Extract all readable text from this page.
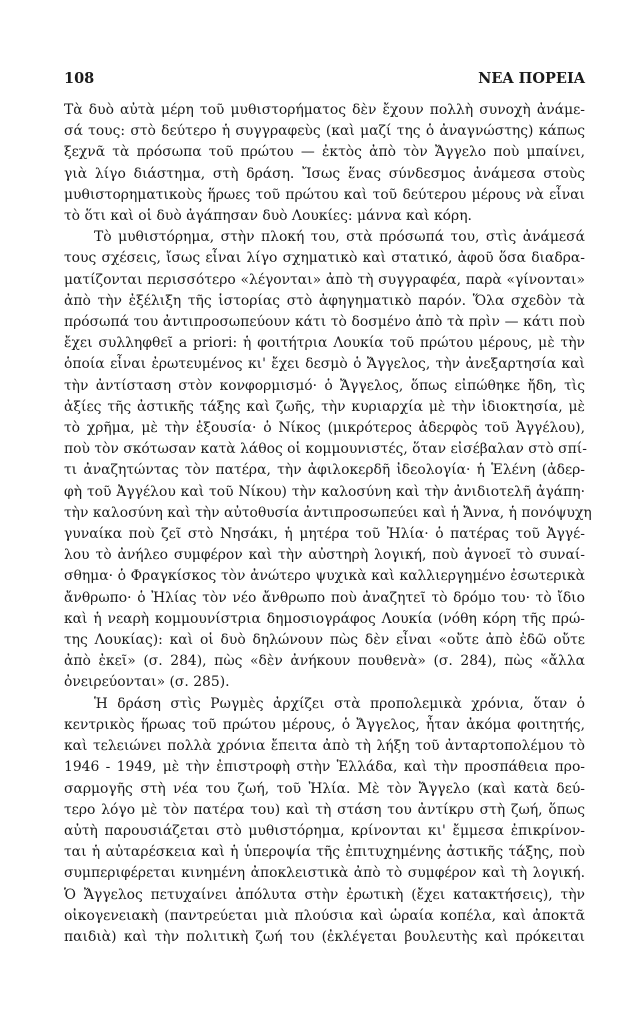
108	ΝΕΑ ΠΟΡΕΙΑ
Τὰ δυὸ αὐτὰ μέρη τοῦ μυθιστορήματος δὲν ἔχουν πολλὴ συνοχὴ ἀνάμε-
σά τους: στὸ δεύτερο ἡ συγγραφεὺς (καὶ μαζί της ὁ ἀναγνώστης) κάπως
ξεχνᾶ τὰ πρόσωπα τοῦ πρώτου — ἐκτὸς ἀπὸ τὸν Ἄγγελο ποὺ μπαίνει,
γιὰ λίγο διάστημα, στὴ δράση. Ἴσως ἕνας σύνδεσμος ἀνάμεσα στοὺς
μυθιστορηματικοὺς ἥρωες τοῦ πρώτου καὶ τοῦ δεύτερου μέρους νὰ εἶναι
τὸ ὅτι καὶ οἱ δυὸ ἀγάπησαν δυὸ Λουκίες: μάννα καὶ κόρη.
Τὸ μυθιστόρημα, στὴν πλοκή του, στὰ πρόσωπά του, στὶς ἀνάμεσά
τους σχέσεις, ἴσως εἶναι λίγο σχηματικὸ καὶ στατικό, ἀφοῦ ὅσα διαδρα-
ματίζονται περισσότερο «λέγονται» ἀπὸ τὴ συγγραφέα, παρὰ «γίνονται»
ἀπὸ τὴν ἐξέλιξη τῆς ἱστορίας στὸ ἀφηγηματικὸ παρόν. Ὅλα σχεδὸν τὰ
πρόσωπά του ἀντιπροσωπεύουν κάτι τὸ δοσμένο ἀπὸ τὰ πρὶν — κάτι ποὺ
ἔχει συλληφθεῖ a priori: ἡ φοιτήτρια Λουκία τοῦ πρώτου μέρους, μὲ τὴν
ὁποία εἶναι ἐρωτευμένος κι' ἔχει δεσμὸ ὁ Ἄγγελος, τὴν ἀνεξαρτησία καὶ
τὴν ἀντίσταση στὸν κονφορμισμό· ὁ Ἄγγελος, ὅπως εἰπώθηκε ἤδη, τὶς
ἀξίες τῆς ἀστικῆς τάξης καὶ ζωῆς, τὴν κυριαρχία μὲ τὴν ἰδιοκτησία, μὲ
τὸ χρῆμα, μὲ τὴν ἐξουσία· ὁ Νίκος (μικρότερος ἀδερφὸς τοῦ Ἀγγέλου),
ποὺ τὸν σκότωσαν κατὰ λάθος οἱ κομμουνιστές, ὅταν εἰσέβαλαν στὸ σπί-
τι ἀναζητώντας τὸν πατέρα, τὴν ἀφιλοκερδῆ ἰδεολογία· ἡ Ἑλένη (ἀδερ-
φὴ τοῦ Ἀγγέλου καὶ τοῦ Νίκου) τὴν καλοσύνη καὶ τὴν ἀνιδιοτελῆ ἀγάπη·
τὴν καλοσύνη καὶ τὴν αὐτοθυσία ἀντιπροσωπεύει καὶ ἡ Ἄννα, ἡ πονόψυχη
γυναίκα ποὺ ζεῖ στὸ Νησάκι, ἡ μητέρα τοῦ Ἠλία· ὁ πατέρας τοῦ Ἀγγέ-
λου τὸ ἀνήλεο συμφέρον καὶ τὴν αὐστηρὴ λογική, ποὺ ἀγνοεῖ τὸ συναί-
σθημα· ὁ Φραγκίσκος τὸν ἀνώτερο ψυχικὰ καὶ καλλιεργημένο ἐσωτερικὰ
ἄνθρωπο· ὁ Ἠλίας τὸν νέο ἄνθρωπο ποὺ ἀναζητεῖ τὸ δρόμο του· τὸ ἴδιο
καὶ ἡ νεαρὴ κομμουνίστρια δημοσιογράφος Λουκία (νόθη κόρη τῆς πρώ-
της Λουκίας): καὶ οἱ δυὸ δηλώνουν πὼς δὲν εἶναι «οὔτε ἀπὸ ἐδῶ οὔτε
ἀπὸ ἐκεῖ» (σ. 284), πὼς «δὲν ἀνήκουν πουθενὰ» (σ. 284), πὼς «ἄλλα
ὀνειρεύονται» (σ. 285).
Ἡ δράση στὶς Ρωγμὲς ἀρχίζει στὰ προπολεμικὰ χρόνια, ὅταν ὁ
κεντρικὸς ἥρωας τοῦ πρώτου μέρους, ὁ Ἄγγελος, ἦταν ἀκόμα φοιτητής,
καὶ τελειώνει πολλὰ χρόνια ἔπειτα ἀπὸ τὴ λήξη τοῦ ἀνταρτοπολέμου τὸ
1946 - 1949, μὲ τὴν ἐπιστροφὴ στὴν Ἑλλάδα, καὶ τὴν προσπάθεια προ-
σαρμογῆς στὴ νέα του ζωή, τοῦ Ἠλία. Μὲ τὸν Ἄγγελο (καὶ κατὰ δεύ-
τερο λόγο μὲ τὸν πατέρα του) καὶ τὴ στάση του ἀντίκρυ στὴ ζωή, ὅπως
αὐτὴ παρουσιάζεται στὸ μυθιστόρημα, κρίνονται κι' ἔμμεσα ἐπικρίνον-
ται ἡ αὐταρέσκεια καὶ ἡ ὑπεροψία τῆς ἐπιτυχημένης ἀστικῆς τάξης, ποὺ
συμπεριφέρεται κινημένη ἀποκλειστικὰ ἀπὸ τὸ συμφέρον καὶ τὴ λογική.
Ὁ Ἄγγελος πετυχαίνει ἀπόλυτα στὴν ἐρωτικὴ (ἔχει κατακτήσεις), τὴν
οἰκογενειακὴ (παντρεύεται μιὰ πλούσια καὶ ὡραία κοπέλα, καὶ ἀποκτᾶ
παιδιὰ) καὶ τὴν πολιτικὴ ζωή του (ἐκλέγεται βουλευτὴς καὶ πρόκειται
